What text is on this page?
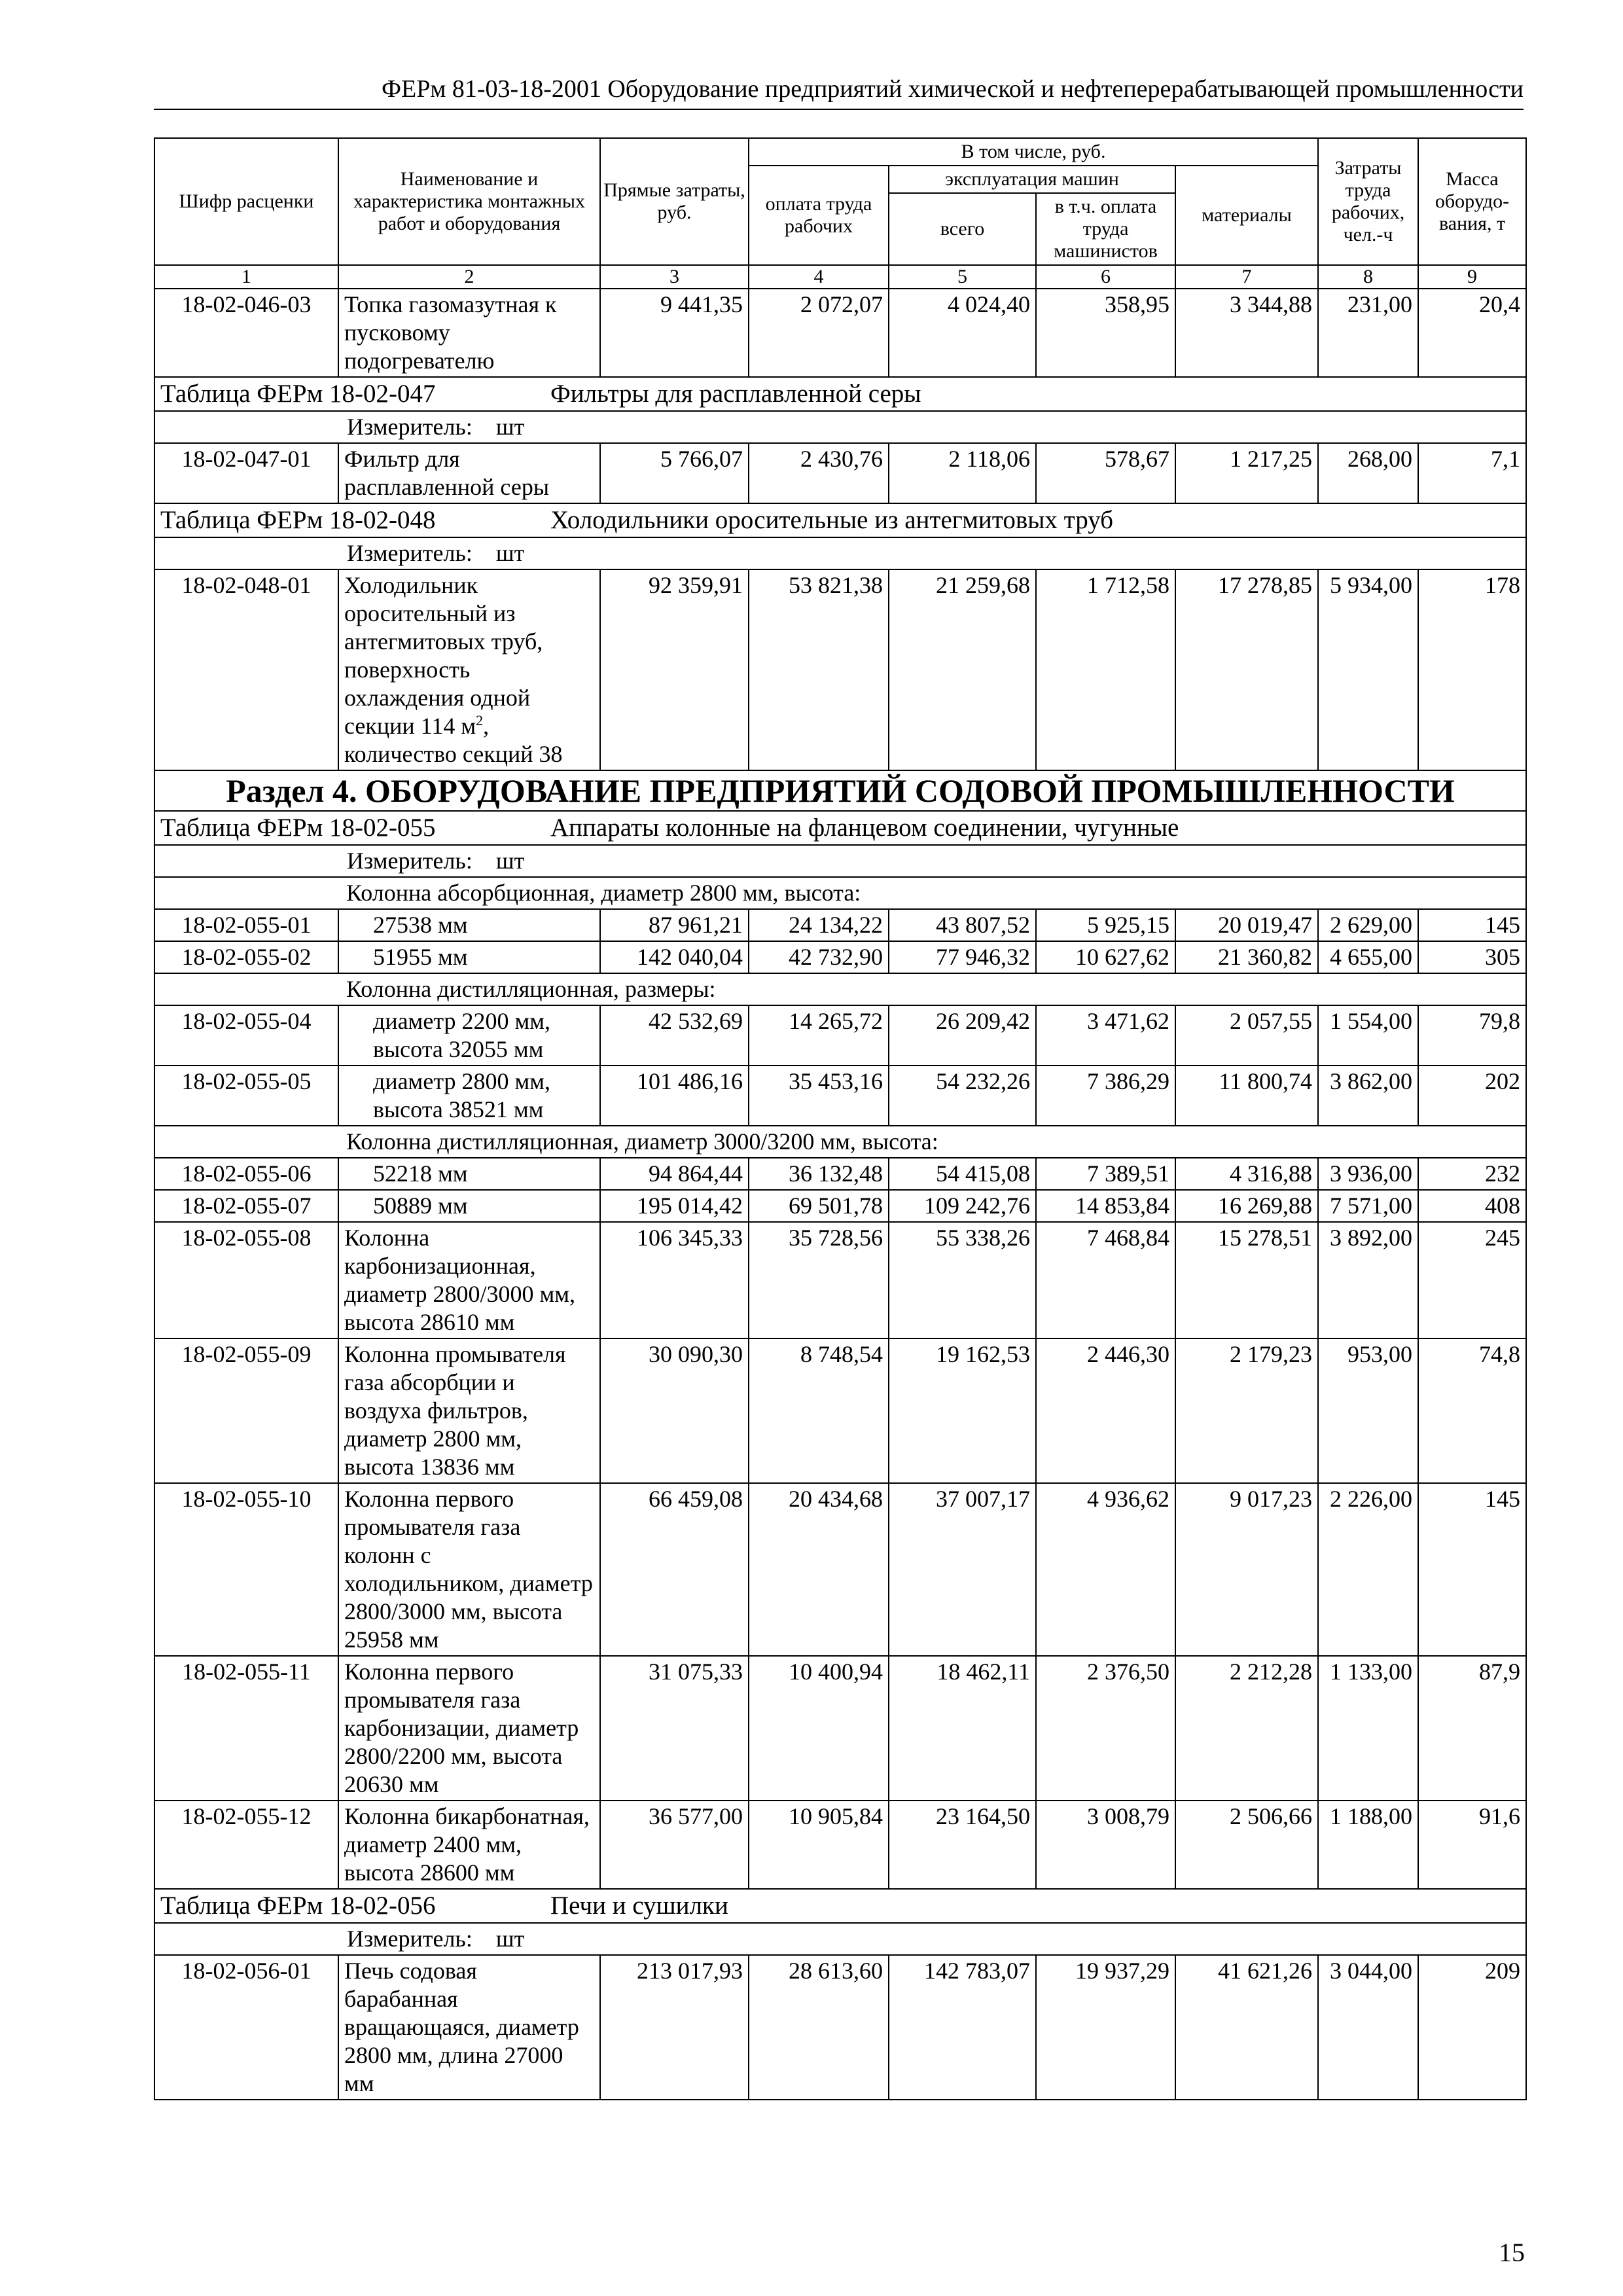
ФЕРм 81-03-18-2001 Оборудование предприятий химической и нефтеперерабатывающей промышленности
Шифр расценки	Наименование и характеристика монтажных работ и оборудования	Прямые затраты, руб.	В том числе, руб.				Затраты труда рабочих, чел.-ч	Масса оборудо-вания, т
			оплата труда рабочих	эксплуатация машин		материалы		
				всего	в т.ч. оплата труда машинистов			
1	2	3	4	5	6	7	8	9
18-02-046-03	Топка газомазутная к пусковому подогревателю	9 441,35	2 072,07	4 024,40	358,95	3 344,88	231,00	20,4
Таблица ФЕРм 18-02-047 Фильтры для расплавленной серы								
Измеритель: шт								
18-02-047-01	Фильтр для расплавленной серы	5 766,07	2 430,76	2 118,06	578,67	1 217,25	268,00	7,1
Таблица ФЕРм 18-02-048 Холодильники оросительные из антегмитовых труб								
Измеритель: шт								
18-02-048-01	Холодильник оросительный из антегмитовых труб, поверхность охлаждения одной секции 114 $м^2$, количество секций 38	92 359,91	53 821,38	21 259,68	1 712,58	17 278,85	5 934,00	178
Раздел 4. ОБОРУДОВАНИЕ ПРЕДПРИЯТИЙ СОДОВОЙ ПРОМЫШЛЕННОСТИ								
Таблица ФЕРм 18-02-055 Аппараты колонные на фланцевом соединении, чугунные								
Измеритель: шт								
Колонна абсорбционная, диаметр 2800 мм, высота:								
18-02-055-01	27538 мм	87 961,21	24 134,22	43 807,52	5 925,15	20 019,47	2 629,00	145
18-02-055-02	51955 мм	142 040,04	42 732,90	77 946,32	10 627,62	21 360,82	4 655,00	305
Колонна дистилляционная, размеры:								
18-02-055-04	диаметр 2200 мм, высота 32055 мм	42 532,69	14 265,72	26 209,42	3 471,62	2 057,55	1 554,00	79,8
18-02-055-05	диаметр 2800 мм, высота 38521 мм	101 486,16	35 453,16	54 232,26	7 386,29	11 800,74	3 862,00	202
Колонна дистилляционная, диаметр 3000/3200 мм, высота:								
18-02-055-06	52218 мм	94 864,44	36 132,48	54 415,08	7 389,51	4 316,88	3 936,00	232
18-02-055-07	50889 мм	195 014,42	69 501,78	109 242,76	14 853,84	16 269,88	7 571,00	408
18-02-055-08	Колонна карбонизационная, диаметр 2800/3000 мм, высота 28610 мм	106 345,33	35 728,56	55 338,26	7 468,84	15 278,51	3 892,00	245
18-02-055-09	Колонна промывателя газа абсорбции и воздуха фильтров, диаметр 2800 мм, высота 13836 мм	30 090,30	8 748,54	19 162,53	2 446,30	2 179,23	953,00	74,8
18-02-055-10	Колонна первого промывателя газа колонн с холодильником, диаметр 2800/3000 мм, высота 25958 мм	66 459,08	20 434,68	37 007,17	4 936,62	9 017,23	2 226,00	145
18-02-055-11	Колонна первого промывателя газа карбонизации, диаметр 2800/2200 мм, высота 20630 мм	31 075,33	10 400,94	18 462,11	2 376,50	2 212,28	1 133,00	87,9
18-02-055-12	Колонна бикарбонатная, диаметр 2400 мм, высота 28600 мм	36 577,00	10 905,84	23 164,50	3 008,79	2 506,66	1 188,00	91,6
Таблица ФЕРм 18-02-056 Печи и сушилки								
Измеритель: шт								
18-02-056-01	Печь содовая барабанная вращающаяся, диаметр 2800 мм, длина 27000 мм	213 017,93	28 613,60	142 783,07	19 937,29	41 621,26	3 044,00	209
15
